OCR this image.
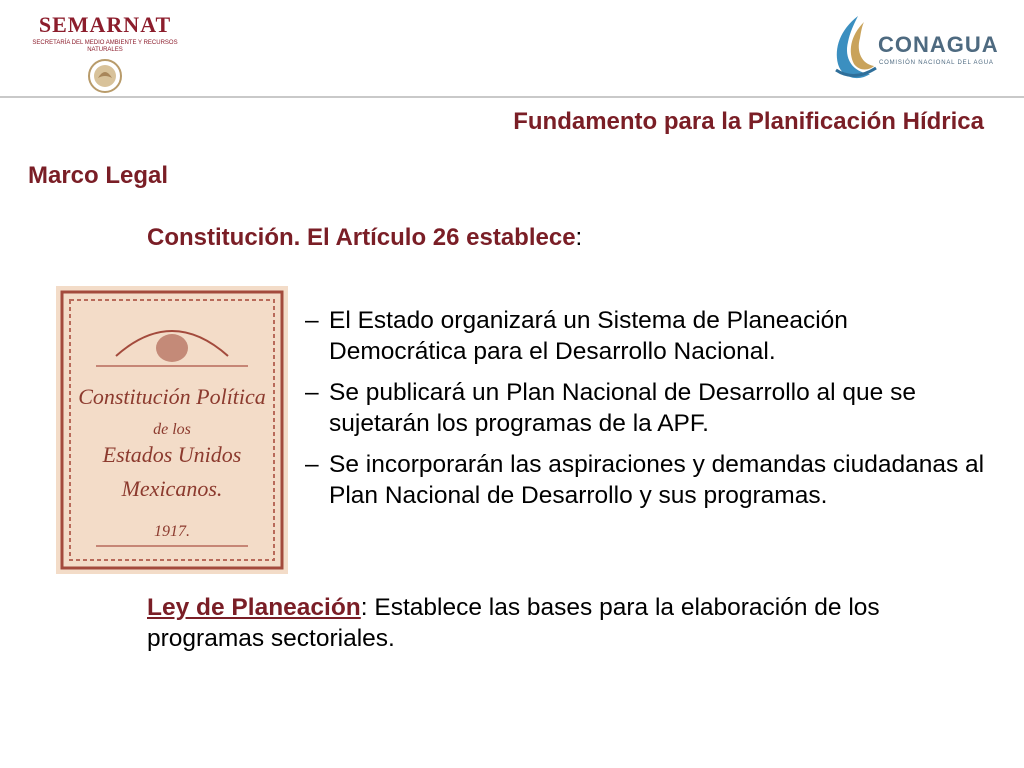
SEMARNAT
SECRETARÍA DEL MEDIO AMBIENTE Y RECURSOS NATURALES	CONAGUA
COMISIÓN NACIONAL DEL AGUA
Fundamento para la Planificación Hídrica
Marco Legal
Constitución. El Artículo 26 establece:
Constitución Política
de los
Estados Unidos
Mexicanos.
1917.
– El Estado organizará un Sistema de Planeación Democrática para el Desarrollo Nacional.
– Se publicará un Plan Nacional de Desarrollo al que se sujetarán los programas de la APF.
– Se incorporarán las aspiraciones y demandas ciudadanas al Plan Nacional de Desarrollo y sus programas.
Ley de Planeación: Establece las bases para la elaboración de los programas sectoriales.
